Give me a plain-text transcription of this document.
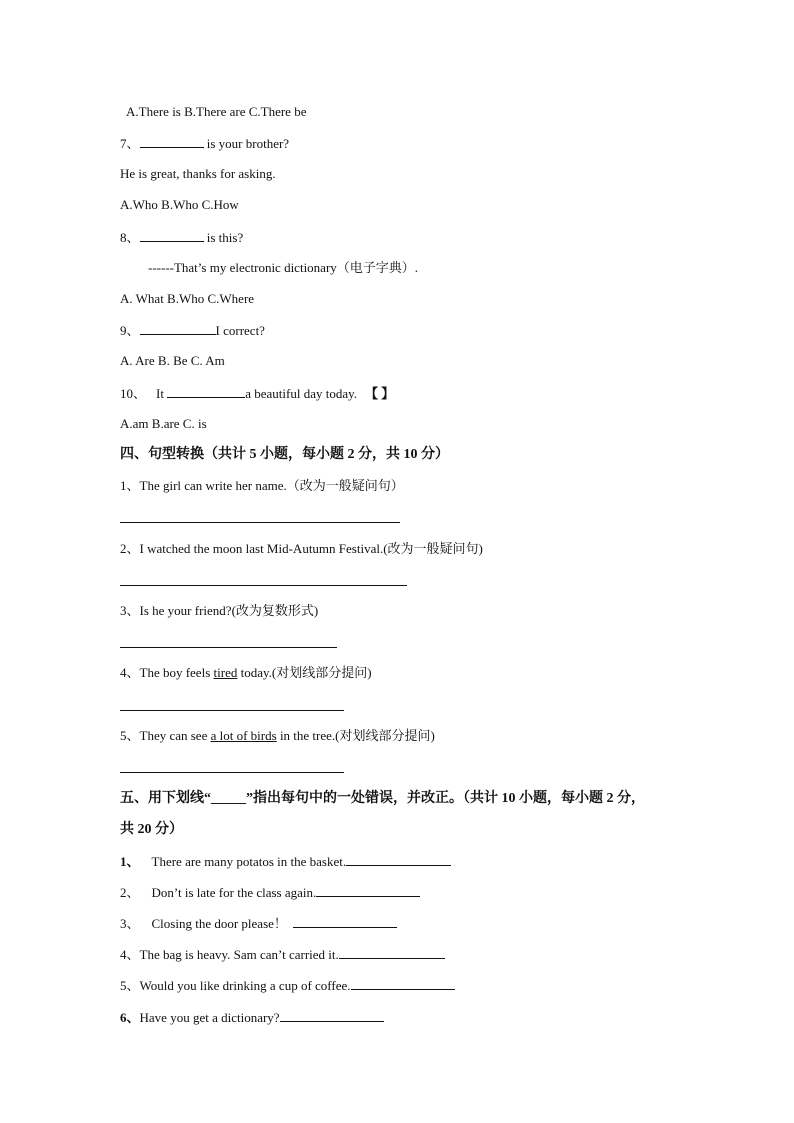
A.There is B.There are C.There be
7、	is your brother?
He is great, thanks for asking.
A.Who B.Who C.How
8、	is this?
------That’s my electronic dictionary（电子字典）.
A. What B.Who C.Where
9、	I correct?
A. Are B. Be C. Am
10、 It	a beautiful day today. 【 】
A.am B.are C. is
四、句型转换（共计 5 小题，每小题 2 分，共 10 分）
1、The girl can write her name.（改为一般疑问句）
2、I watched the moon last Mid-Autumn Festival.(改为一般疑问句)
3、Is he your friend?(改为复数形式)
4、The boy feels tired today.(对划线部分提问)
5、They can see a lot of birds in the tree.(对划线部分提问)
五、用下划线“_____”指出每句中的一处错误，并改正。（共计 10 小题，每小题 2 分，
共 20 分）
1、 There are many potatos in the basket.
2、 Don’t is late for the class again.
3、 Closing the door please！
4、The bag is heavy. Sam can’t carried it.
5、Would you like drinking a cup of coffee.
6、Have you get a dictionary?
